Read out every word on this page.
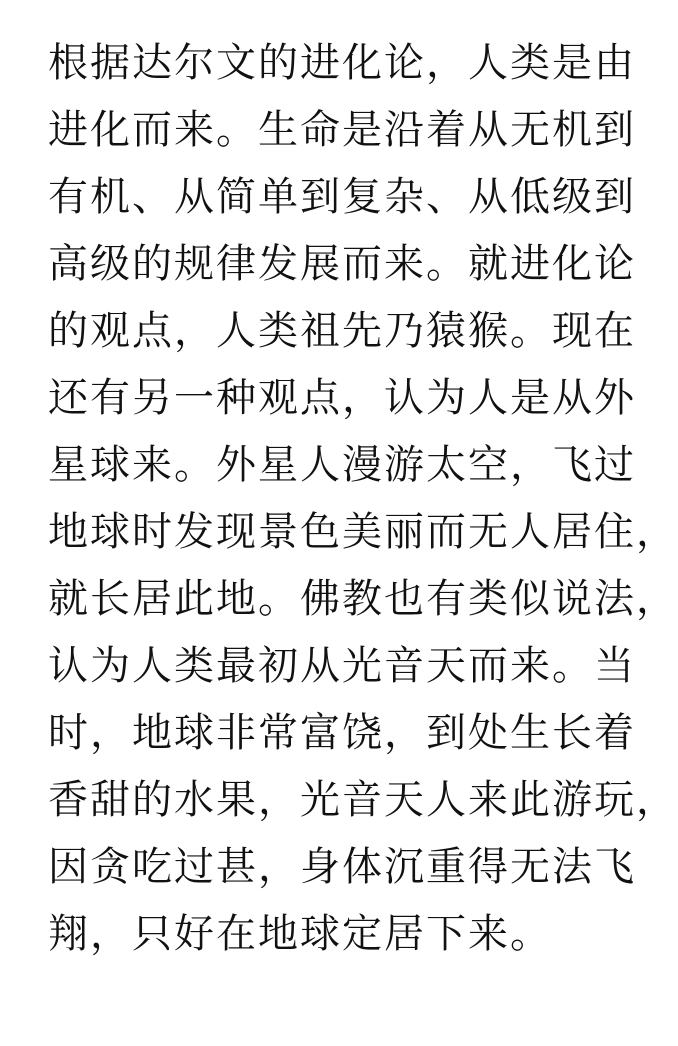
根据达尔文的进化论，人类是由
进化而来。生命是沿着从无机到
有机、从简单到复杂、从低级到
高级的规律发展而来。就进化论
的观点，人类祖先乃猿猴。现在
还有另一种观点，认为人是从外
星球来。外星人漫游太空，飞过
地球时发现景色美丽而无人居住，
就长居此地。佛教也有类似说法，
认为人类最初从光音天而来。当
时，地球非常富饶，到处生长着
香甜的水果，光音天人来此游玩，
因贪吃过甚，身体沉重得无法飞
翔，只好在地球定居下来。
